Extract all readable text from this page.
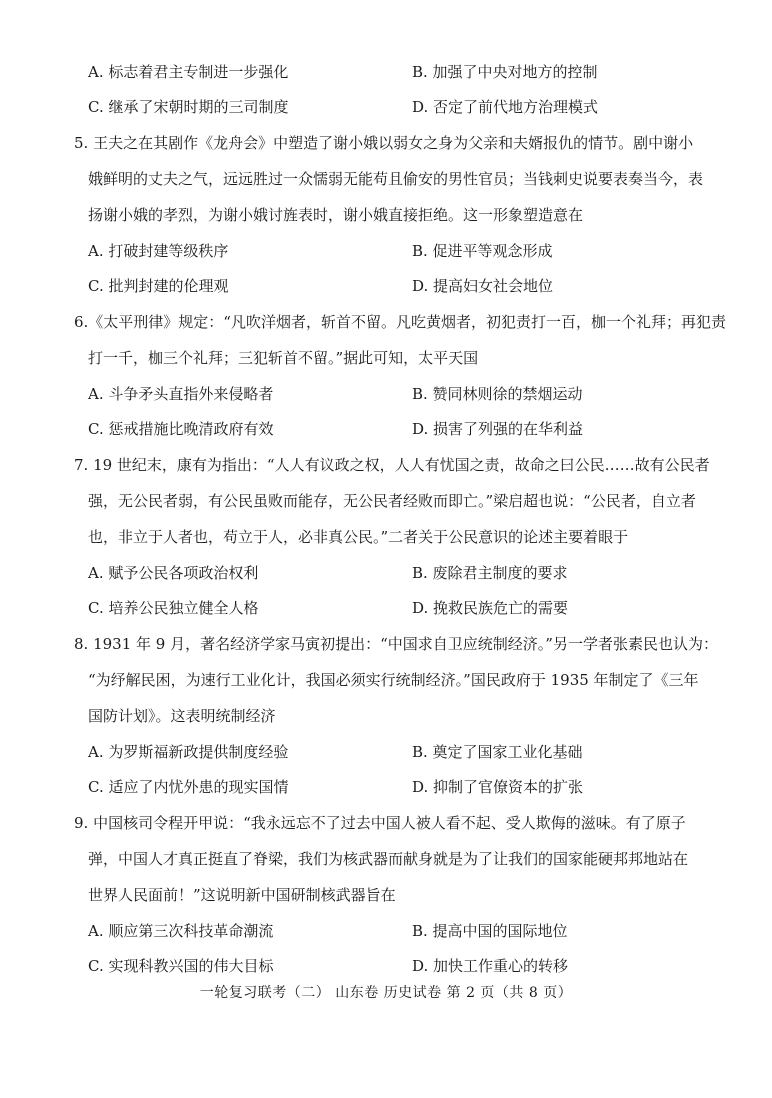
A. 标志着君主专制进一步强化	B. 加强了中央对地方的控制
C. 继承了宋朝时期的三司制度	D. 否定了前代地方治理模式
5. 王夫之在其剧作《龙舟会》中塑造了谢小娥以弱女之身为父亲和夫婿报仇的情节。剧中谢小
娥鲜明的丈夫之气，远远胜过一众懦弱无能苟且偷安的男性官员；当钱刺史说要表奏当今，表
扬谢小娥的孝烈，为谢小娥讨旌表时，谢小娥直接拒绝。这一形象塑造意在
A. 打破封建等级秩序	B. 促进平等观念形成
C. 批判封建的伦理观	D. 提高妇女社会地位
6.《太平刑律》规定：“凡吹洋烟者，斩首不留。凡吃黄烟者，初犯责打一百，枷一个礼拜；再犯责
打一千，枷三个礼拜；三犯斩首不留。”据此可知，太平天国
A. 斗争矛头直指外来侵略者	B. 赞同林则徐的禁烟运动
C. 惩戒措施比晚清政府有效	D. 损害了列强的在华利益
7. 19 世纪末，康有为指出：“人人有议政之权，人人有忧国之责，故命之曰公民……故有公民者
强，无公民者弱，有公民虽败而能存，无公民者经败而即亡。”梁启超也说：“公民者，自立者
也，非立于人者也，苟立于人，必非真公民。”二者关于公民意识的论述主要着眼于
A. 赋予公民各项政治权利	B. 废除君主制度的要求
C. 培养公民独立健全人格	D. 挽救民族危亡的需要
8. 1931 年 9 月，著名经济学家马寅初提出：“中国求自卫应统制经济。”另一学者张素民也认为：
“为纾解民困，为速行工业化计，我国必须实行统制经济。”国民政府于 1935 年制定了《三年
国防计划》。这表明统制经济
A. 为罗斯福新政提供制度经验	B. 奠定了国家工业化基础
C. 适应了内忧外患的现实国情	D. 抑制了官僚资本的扩张
9. 中国核司令程开甲说：“我永远忘不了过去中国人被人看不起、受人欺侮的滋味。有了原子
弹，中国人才真正挺直了脊梁，我们为核武器而献身就是为了让我们的国家能硬邦邦地站在
世界人民面前！”这说明新中国研制核武器旨在
A. 顺应第三次科技革命潮流	B. 提高中国的国际地位
C. 实现科教兴国的伟大目标	D. 加快工作重心的转移
一轮复习联考（二） 山东卷 历史试卷 第 2 页（共 8 页）
